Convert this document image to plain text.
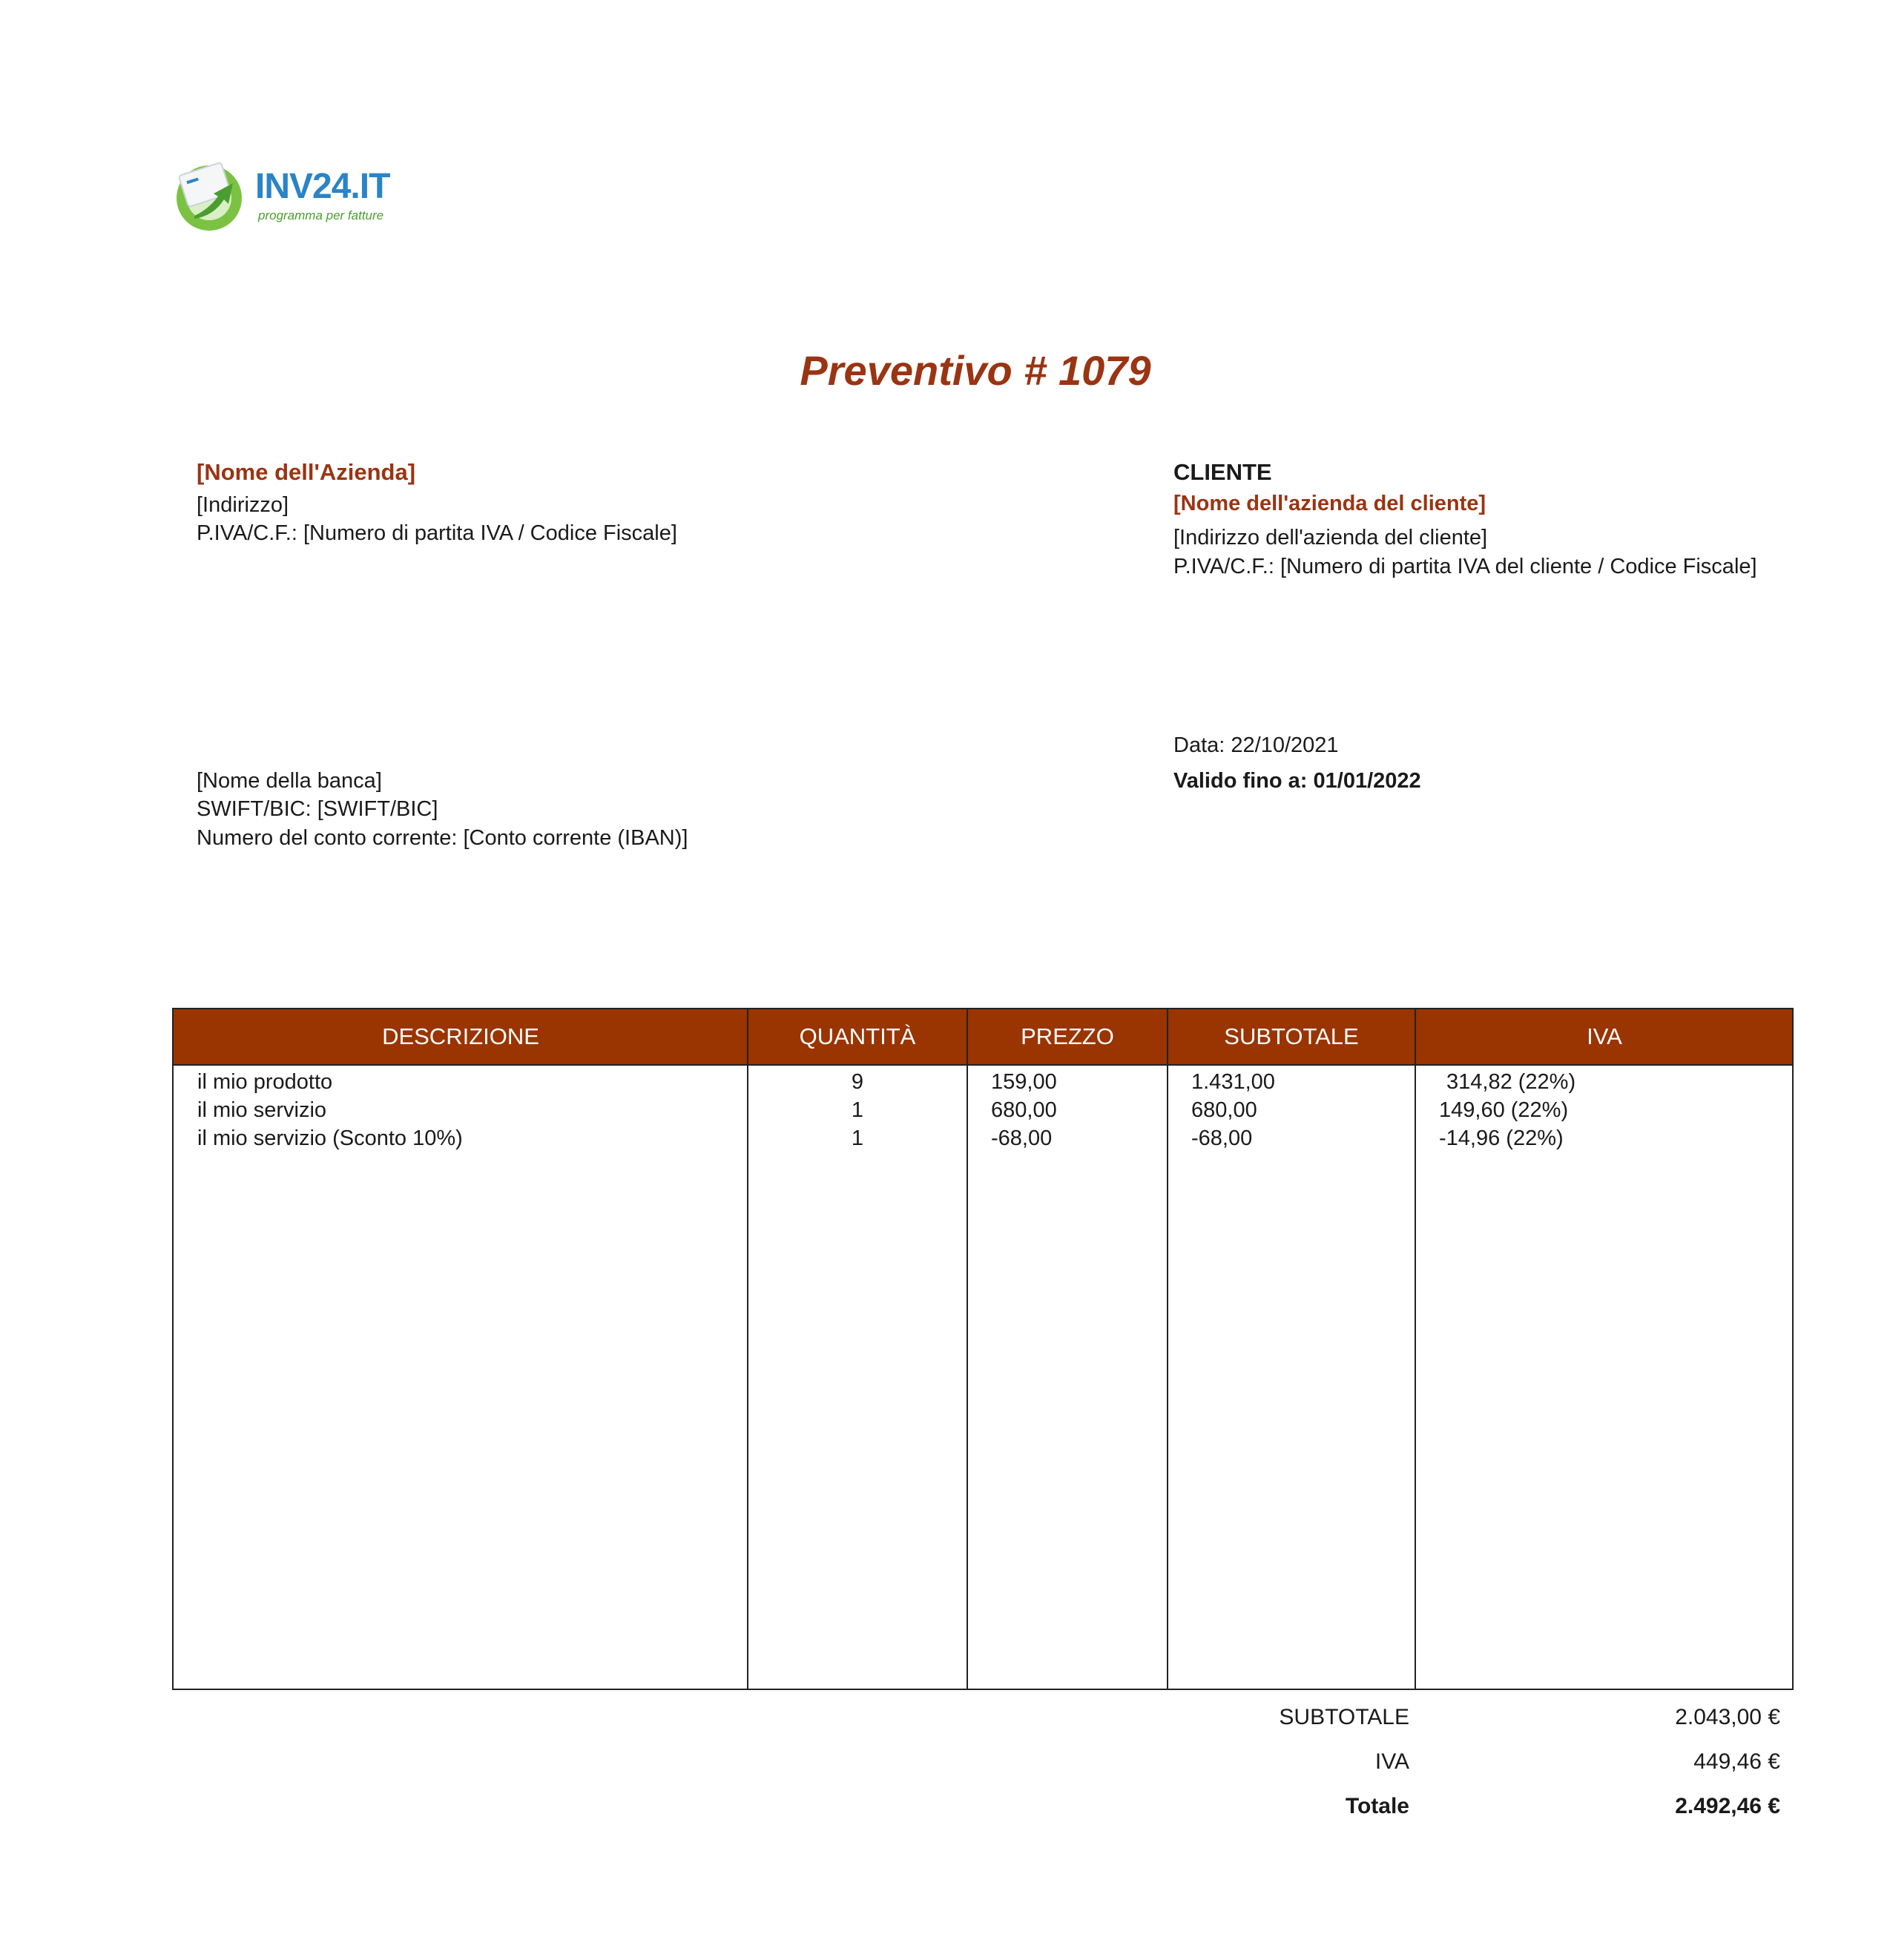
INV24.IT
programma per fatture
Preventivo # 1079
[Nome dell'Azienda]
[Indirizzo]
P.IVA/C.F.: [Numero di partita IVA / Codice Fiscale]
CLIENTE
[Nome dell'azienda del cliente]
[Indirizzo dell'azienda del cliente]
P.IVA/C.F.: [Numero di partita IVA del cliente / Codice Fiscale]
Data: 22/10/2021
Valido fino a: 01/01/2022
[Nome della banca]
SWIFT/BIC: [SWIFT/BIC]
Numero del conto corrente: [Conto corrente (IBAN)]
DESCRIZIONE	QUANTITÀ	PREZZO	SUBTOTALE	IVA
il mio prodotto	9	159,00	1.431,00	314,82 (22%)
il mio servizio	1	680,00	680,00	149,60 (22%)
il mio servizio (Sconto 10%)	1	-68,00	-68,00	-14,96 (22%)
SUBTOTALE	2.043,00 €
IVA	449,46 €
Totale	2.492,46 €
